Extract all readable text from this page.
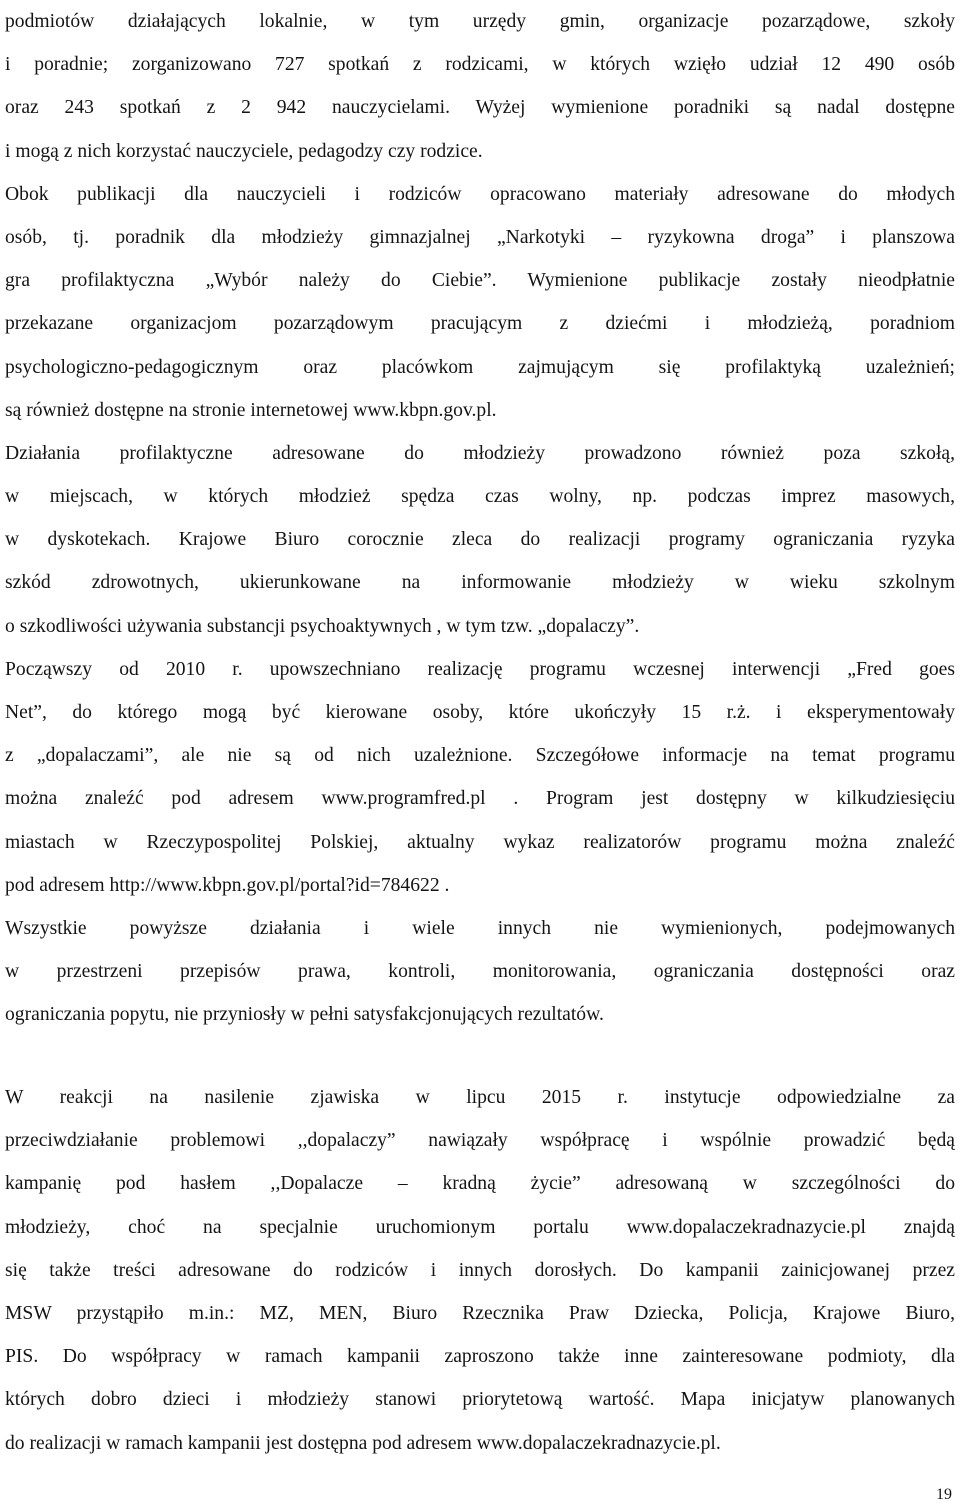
podmiotów działających lokalnie, w tym urzędy gmin, organizacje pozarządowe, szkoły
i poradnie; zorganizowano 727 spotkań z rodzicami, w których wzięło udział 12 490 osób
oraz 243 spotkań z 2 942 nauczycielami. Wyżej wymienione poradniki są nadal dostępne
i mogą z nich korzystać nauczyciele, pedagodzy czy rodzice.
Obok publikacji dla nauczycieli i rodziców opracowano materiały adresowane do młodych
osób, tj. poradnik dla młodzieży gimnazjalnej „Narkotyki – ryzykowna droga” i planszowa
gra profilaktyczna „Wybór należy do Ciebie”. Wymienione publikacje zostały nieodpłatnie
przekazane organizacjom pozarządowym pracującym z dziećmi i młodzieżą, poradniom
psychologiczno-pedagogicznym oraz placówkom zajmującym się profilaktyką uzależnień;
są również dostępne na stronie internetowej www.kbpn.gov.pl.
Działania profilaktyczne adresowane do młodzieży prowadzono również poza szkołą,
w miejscach, w których młodzież spędza czas wolny, np. podczas imprez masowych,
w dyskotekach. Krajowe Biuro corocznie zleca do realizacji programy ograniczania ryzyka
szkód zdrowotnych, ukierunkowane na informowanie młodzieży w wieku szkolnym
o szkodliwości używania substancji psychoaktywnych , w tym tzw. „dopalaczy”.
Począwszy od 2010 r. upowszechniano realizację programu wczesnej interwencji „Fred goes
Net”, do którego mogą być kierowane osoby, które ukończyły 15 r.ż. i eksperymentowały
z „dopalaczami”, ale nie są od nich uzależnione. Szczegółowe informacje na temat programu
można znaleźć pod adresem www.programfred.pl . Program jest dostępny w kilkudziesięciu
miastach w Rzeczypospolitej Polskiej, aktualny wykaz realizatorów programu można znaleźć
pod adresem http://www.kbpn.gov.pl/portal?id=784622 .
Wszystkie powyższe działania i wiele innych nie wymienionych, podejmowanych
w przestrzeni przepisów prawa, kontroli, monitorowania, ograniczania dostępności oraz
ograniczania popytu, nie przyniosły w pełni satysfakcjonujących rezultatów.
W reakcji na nasilenie zjawiska w lipcu 2015 r. instytucje odpowiedzialne za
przeciwdziałanie problemowi ,,dopalaczy” nawiązały współpracę i wspólnie prowadzić będą
kampanię pod hasłem ,,Dopalacze – kradną życie” adresowaną w szczególności do
młodzieży, choć na specjalnie uruchomionym portalu www.dopalaczekradnazycie.pl znajdą
się także treści adresowane do rodziców i innych dorosłych. Do kampanii zainicjowanej przez
MSW przystąpiło m.in.: MZ, MEN, Biuro Rzecznika Praw Dziecka, Policja, Krajowe Biuro,
PIS. Do współpracy w ramach kampanii zaproszono także inne zainteresowane podmioty, dla
których dobro dzieci i młodzieży stanowi priorytetową wartość. Mapa inicjatyw planowanych
do realizacji w ramach kampanii jest dostępna pod adresem www.dopalaczekradnazycie.pl.
19
